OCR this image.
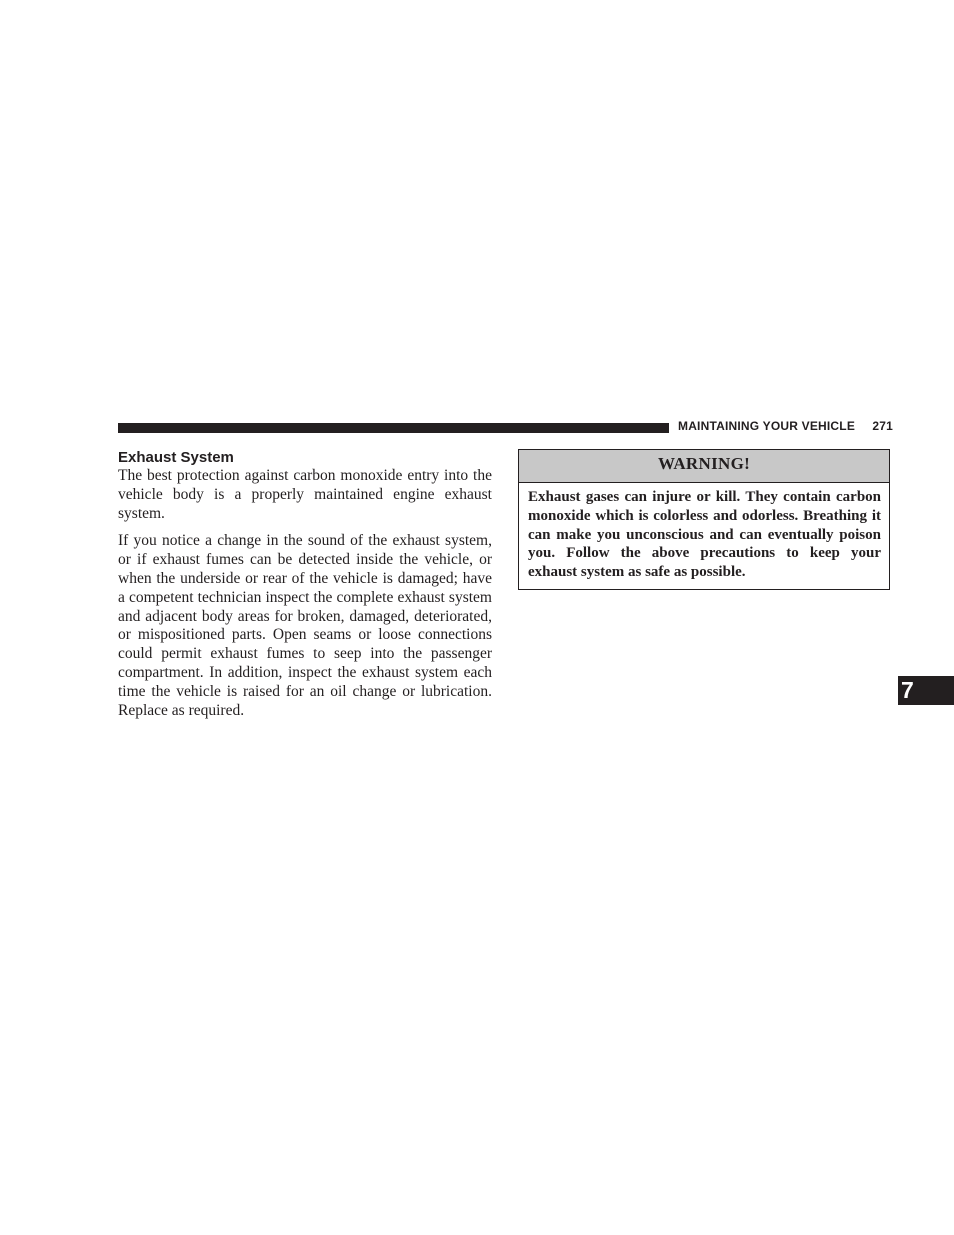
MAINTAINING YOUR VEHICLE 271
Exhaust System

The best protection against carbon monoxide entry into the vehicle body is a properly maintained engine exhaust system.

If you notice a change in the sound of the exhaust system, or if exhaust fumes can be detected inside the vehicle, or when the underside or rear of the vehicle is damaged; have a competent technician inspect the complete exhaust system and adjacent body areas for broken, damaged, deteriorated, or mispositioned parts. Open seams or loose connections could permit exhaust fumes to seep into the passenger compartment. In addition, inspect the exhaust system each time the vehicle is raised for an oil change or lubrication. Replace as required.

WARNING!
Exhaust gases can injure or kill. They contain carbon monoxide which is colorless and odorless. Breathing it can make you unconscious and can eventually poison you. Follow the above precautions to keep your exhaust system as safe as possible.
7
